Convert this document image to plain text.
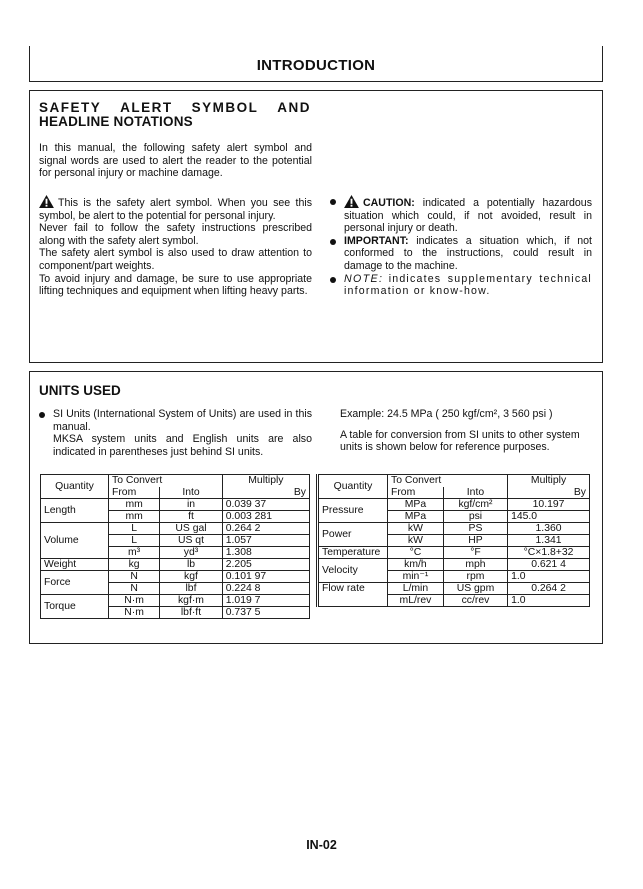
INTRODUCTION
SAFETY ALERT SYMBOL AND
HEADLINE NOTATIONS
In this manual, the following safety alert symbol and signal words are used to alert the reader to the potential for personal injury or machine damage.
This is the safety alert symbol. When you see this symbol, be alert to the potential for personal injury.
Never fail to follow the safety instructions prescribed along with the safety alert symbol.
The safety alert symbol is also used to draw attention to component/part weights.
To avoid injury and damage, be sure to use appropriate lifting techniques and equipment when lifting heavy parts.
CAUTION: indicated a potentially hazardous situation which could, if not avoided, result in personal injury or death.
IMPORTANT: indicates a situation which, if not conformed to the instructions, could result in damage to the machine.
NOTE: indicates supplementary technical information or know-how.
UNITS USED
SI Units (International System of Units) are used in this manual.
MKSA system units and English units are also indicated in parentheses just behind SI units.
Example: 24.5 MPa ( 250 kgf/cm², 3 560 psi )
A table for conversion from SI units to other system units is shown below for reference purposes.
Quantity	To Convert		Multiply
	From	Into	By
Length	mm	in	0.039 37
	mm	ft	0.003 281
Volume	L	US gal	0.264 2
	L	US qt	1.057
	m³	yd³	1.308
Weight	kg	lb	2.205
Force	N	kgf	0.101 97
	N	lbf	0.224 8
Torque	N·m	kgf·m	1.019 7
	N·m	lbf·ft	0.737 5
Quantity	To Convert		Multiply
	From	Into	By
Pressure	MPa	kgf/cm²	10.197
	MPa	psi	145.0
Power	kW	PS	1.360
	kW	HP	1.341
Temperature	°C	°F	°C×1.8+32
Velocity	km/h	mph	0.621 4
	min⁻¹	rpm	1.0
Flow rate	L/min	US gpm	0.264 2
	mL/rev	cc/rev	1.0
IN-02
